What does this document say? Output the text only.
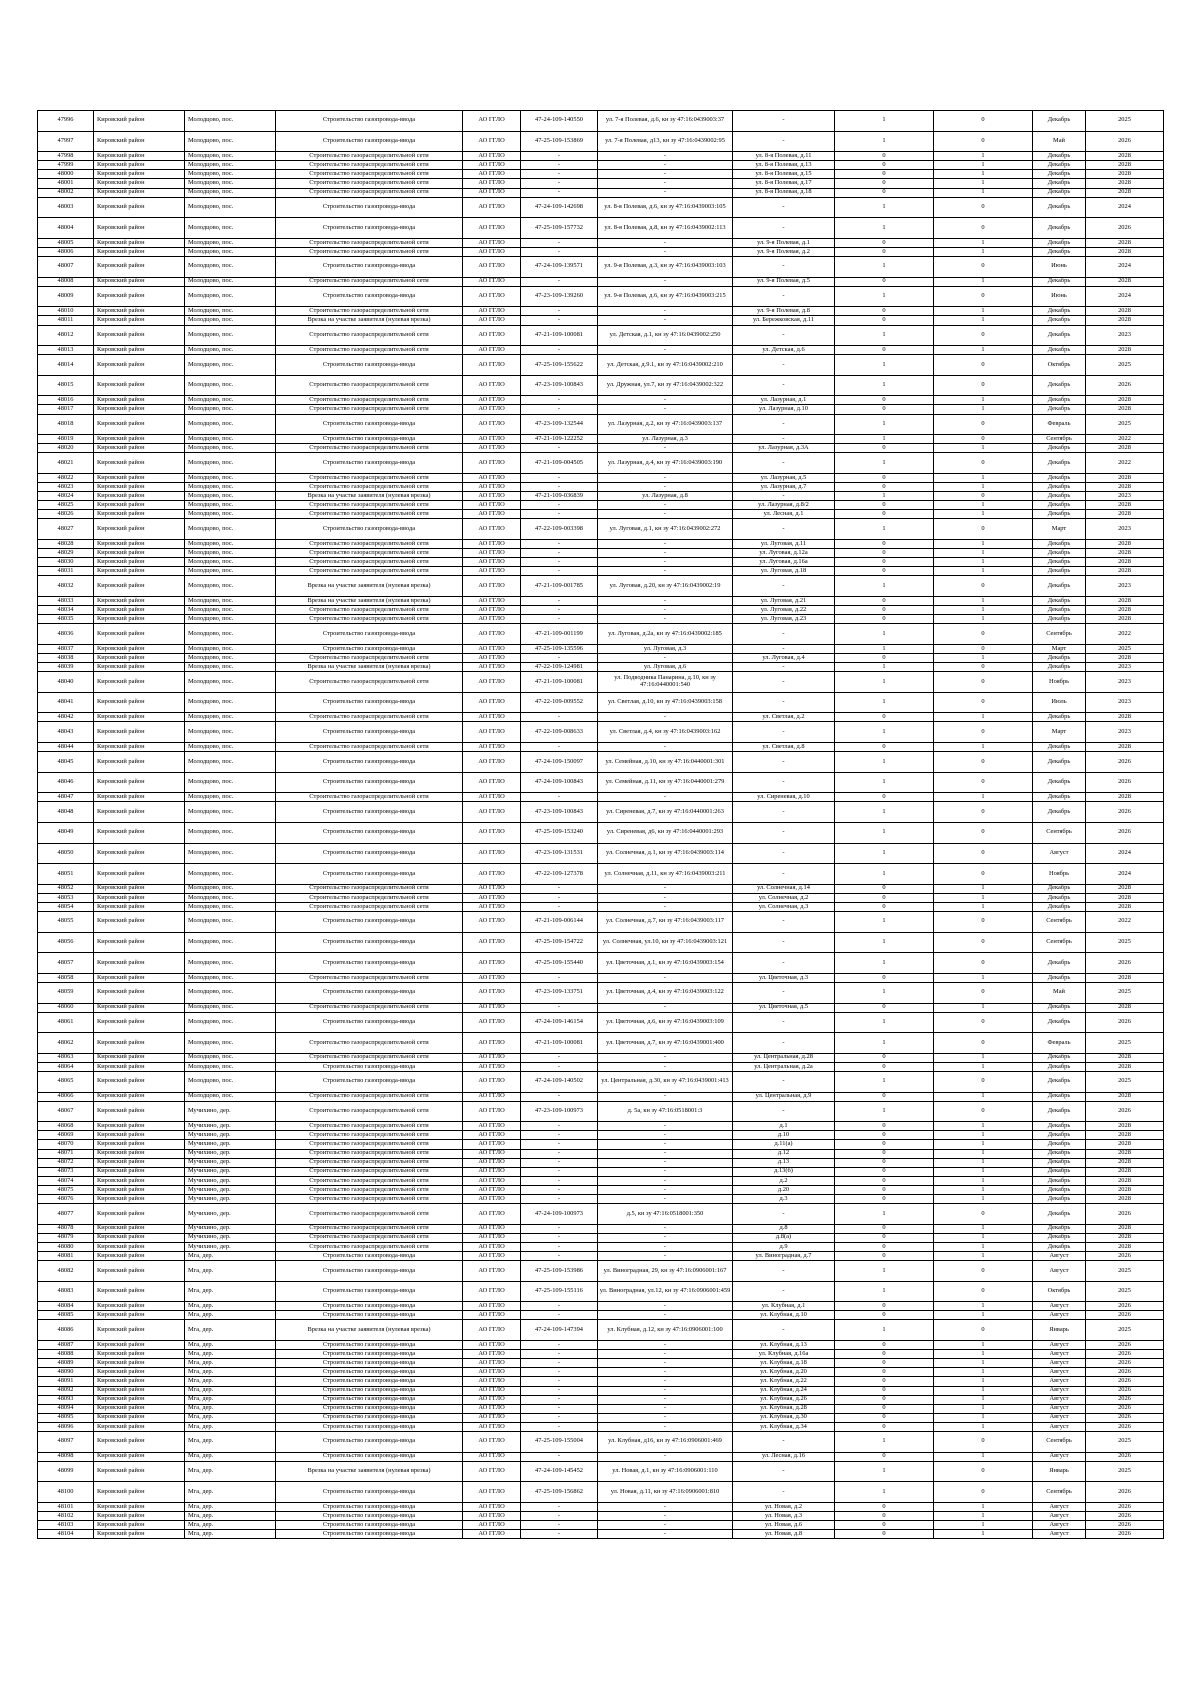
47996	Кировский район	Молодцово, пос.	Строительство газопровода-ввода	АО ГГЛО	47-24-109-140550	ул. 7-я Полевая, д.6, кн зу 47:16:0439003:37	-	1	0	Декабрь	2025
47997	Кировский район	Молодцово, пос.	Строительство газопровода-ввода	АО ГГЛО	47-25-109-153869	ул. 7-я Полевая, д13, кн зу 47:16:0439002:95	-	1	0	Май	2026
47998	Кировский район	Молодцово, пос.	Строительство газораспределительной сети	АО ГГЛО	-	-	ул. 8-я Полевая, д.11	0	1	Декабрь	2028
47999	Кировский район	Молодцово, пос.	Строительство газораспределительной сети	АО ГГЛО	-	-	ул. 8-я Полевая, д.13	0	1	Декабрь	2028
48000	Кировский район	Молодцово, пос.	Строительство газораспределительной сети	АО ГГЛО	-	-	ул. 8-я Полевая, д.15	0	1	Декабрь	2028
48001	Кировский район	Молодцово, пос.	Строительство газораспределительной сети	АО ГГЛО	-	-	ул. 8-я Полевая, д.17	0	1	Декабрь	2028
48002	Кировский район	Молодцово, пос.	Строительство газораспределительной сети	АО ГГЛО	-	-	ул. 8-я Полевая, д.18	0	1	Декабрь	2028
48003	Кировский район	Молодцово, пос.	Строительство газопровода-ввода	АО ГГЛО	47-24-109-142698	ул. 8-я Полевая, д.6, кн зу 47:16:0439003:105	-	1	0	Декабрь	2024
48004	Кировский район	Молодцово, пос.	Строительство газопровода-ввода	АО ГГЛО	47-25-109-157732	ул. 8-я Полевая, д.8, кн зу 47:16:0439002:113	-	1	0	Декабрь	2026
48005	Кировский район	Молодцово, пос.	Строительство газораспределительной сети	АО ГГЛО	-	-	ул. 9-я Полевая, д.1	0	1	Декабрь	2028
48006	Кировский район	Молодцово, пос.	Строительство газораспределительной сети	АО ГГЛО	-	-	ул. 9-я Полевая, д.2	0	1	Декабрь	2028
48007	Кировский район	Молодцово, пос.	Строительство газопровода-ввода	АО ГГЛО	47-24-109-139571	ул. 9-я Полевая, д.3, кн зу 47:16:0439003:103	-	1	0	Июнь	2024
48008	Кировский район	Молодцово, пос.	Строительство газораспределительной сети	АО ГГЛО	-	-	ул. 9-я Полевая, д.5	0	1	Декабрь	2028
48009	Кировский район	Молодцово, пос.	Строительство газопровода-ввода	АО ГГЛО	47-23-109-139260	ул. 9-я Полевая, д.6, кн зу 47:16:0439003:215	-	1	0	Июнь	2024
48010	Кировский район	Молодцово, пос.	Строительство газораспределительной сети	АО ГГЛО	-	-	ул. 9-я Полевая, д.8	0	1	Декабрь	2028
48011	Кировский район	Молодцово, пос.	Врезка на участке заявителя (нулевая врезка)	АО ГГЛО	-	-	ул. Бережковская, д.11	0	1	Декабрь	2028
48012	Кировский район	Молодцово, пос.	Строительство газораспределительной сети	АО ГГЛО	47-21-109-100081	ул. Детская, д.1, кн зу 47:16:0439002:250	-	1	0	Декабрь	2023
48013	Кировский район	Молодцово, пос.	Строительство газораспределительной сети	АО ГГЛО	-	-	ул. Детская, д.6	0	1	Декабрь	2028
48014	Кировский район	Молодцово, пос.	Строительство газопровода-ввода	АО ГГЛО	47-25-109-155622	ул. Детская, д.9.1, кн зу 47:16:0439002:210	-	1	0	Октябрь	2025
48015	Кировский район	Молодцово, пос.	Строительство газораспределительной сети	АО ГГЛО	47-23-109-100843	ул. Дружная, ул.7, кн зу 47:16:0439002:322	-	1	0	Декабрь	2026
48016	Кировский район	Молодцово, пос.	Строительство газораспределительной сети	АО ГГЛО	-	-	ул. Лазурная, д.1	0	1	Декабрь	2028
48017	Кировский район	Молодцово, пос.	Строительство газораспределительной сети	АО ГГЛО	-	-	ул. Лазурная, д.10	0	1	Декабрь	2028
48018	Кировский район	Молодцово, пос.	Строительство газопровода-ввода	АО ГГЛО	47-23-109-132544	ул. Лазурная, д.2, кн зу 47:16:0439003:137	-	1	0	Февраль	2025
48019	Кировский район	Молодцово, пос.	Строительство газопровода-ввода	АО ГГЛО	47-21-109-122252	ул. Лазурная, д.3	-	1	0	Сентябрь	2022
48020	Кировский район	Молодцово, пос.	Строительство газораспределительной сети	АО ГГЛО	-	-	ул. Лазурная, д.3А	0	1	Декабрь	2028
48021	Кировский район	Молодцово, пос.	Строительство газопровода-ввода	АО ГГЛО	47-21-109-004505	ул. Лазурная, д.4, кн зу 47:16:0439003:190	-	1	0	Декабрь	2022
48022	Кировский район	Молодцово, пос.	Строительство газораспределительной сети	АО ГГЛО	-	-	ул. Лазурная, д.5	0	1	Декабрь	2028
48023	Кировский район	Молодцово, пос.	Строительство газораспределительной сети	АО ГГЛО	-	-	ул. Лазурная, д.7	0	1	Декабрь	2028
48024	Кировский район	Молодцово, пос.	Врезка на участке заявителя (нулевая врезка)	АО ГГЛО	47-21-109-036839	ул. Лазурная, д.8	-	1	0	Декабрь	2023
48025	Кировский район	Молодцово, пос.	Строительство газораспределительной сети	АО ГГЛО	-	-	ул. Лазурная, д.8/2	0	1	Декабрь	2028
48026	Кировский район	Молодцово, пос.	Строительство газораспределительной сети	АО ГГЛО	-	-	ул. Лесная, д.1	0	1	Декабрь	2028
48027	Кировский район	Молодцово, пос.	Строительство газопровода-ввода	АО ГГЛО	47-22-109-003398	ул. Луговая, д.1, кн зу 47:16:0439002:272	-	1	0	Март	2023
48028	Кировский район	Молодцово, пос.	Строительство газораспределительной сети	АО ГГЛО	-	-	ул. Луговая, д.11	0	1	Декабрь	2028
48029	Кировский район	Молодцово, пос.	Строительство газораспределительной сети	АО ГГЛО	-	-	ул. Луговая, д.12а	0	1	Декабрь	2028
48030	Кировский район	Молодцово, пос.	Строительство газораспределительной сети	АО ГГЛО	-	-	ул. Луговая, д.16а	0	1	Декабрь	2028
48031	Кировский район	Молодцово, пос.	Строительство газораспределительной сети	АО ГГЛО	-	-	ул. Луговая, д.18	0	1	Декабрь	2028
48032	Кировский район	Молодцово, пос.	Врезка на участке заявителя (нулевая врезка)	АО ГГЛО	47-21-109-001785	ул. Луговая, д.20, кн зу 47:16:0439002:19	-	1	0	Декабрь	2023
48033	Кировский район	Молодцово, пос.	Врезка на участке заявителя (нулевая врезка)	АО ГГЛО	-	-	ул. Луговая, д.21	0	1	Декабрь	2028
48034	Кировский район	Молодцово, пос.	Строительство газораспределительной сети	АО ГГЛО	-	-	ул. Луговая, д.22	0	1	Декабрь	2028
48035	Кировский район	Молодцово, пос.	Строительство газораспределительной сети	АО ГГЛО	-	-	ул. Луговая, д.23	0	1	Декабрь	2028
48036	Кировский район	Молодцово, пос.	Строительство газопровода-ввода	АО ГГЛО	47-21-109-001199	ул. Луговая, д.2а, кн зу 47:16:0439002:185	-	1	0	Сентябрь	2022
48037	Кировский район	Молодцово, пос.	Строительство газопровода-ввода	АО ГГЛО	47-25-109-135596	ул. Луговая, д.3	-	1	0	Март	2025
48038	Кировский район	Молодцово, пос.	Строительство газораспределительной сети	АО ГГЛО	-	-	ул. Луговая, д.4	0	1	Декабрь	2028
48039	Кировский район	Молодцово, пос.	Врезка на участке заявителя (нулевая врезка)	АО ГГЛО	47-22-109-124981	ул. Луговая, д.6	-	1	0	Декабрь	2023
48040	Кировский район	Молодцово, пос.	Строительство газораспределительной сети	АО ГГЛО	47-21-109-100081	ул. Подводника Панарина, д.10, кн зу 47:16:0440001:540	-	1	0	Ноябрь	2023
48041	Кировский район	Молодцово, пос.	Строительство газопровода-ввода	АО ГГЛО	47-22-109-009552	ул. Светлая, д.10, кн зу 47:16:0439003:158	-	1	0	Июль	2023
48042	Кировский район	Молодцово, пос.	Строительство газораспределительной сети	АО ГГЛО	-	-	ул. Светлая, д.2	0	1	Декабрь	2028
48043	Кировский район	Молодцово, пос.	Строительство газопровода-ввода	АО ГГЛО	47-22-109-008633	ул. Светлая, д.4, кн зу 47:16:0439003:162	-	1	0	Март	2023
48044	Кировский район	Молодцово, пос.	Строительство газораспределительной сети	АО ГГЛО	-	-	ул. Светлая, д.8	0	1	Декабрь	2028
48045	Кировский район	Молодцово, пос.	Строительство газопровода-ввода	АО ГГЛО	47-24-109-150097	ул. Семейная, д.10, кн зу 47:16:0440001:301	-	1	0	Декабрь	2026
48046	Кировский район	Молодцово, пос.	Строительство газопровода-ввода	АО ГГЛО	47-24-109-100843	ул. Семейная, д.11, кн зу 47:16:0440001:279	-	1	0	Декабрь	2026
48047	Кировский район	Молодцово, пос.	Строительство газораспределительной сети	АО ГГЛО	-	-	ул. Сиреневая, д.10	0	1	Декабрь	2028
48048	Кировский район	Молодцово, пос.	Строительство газопровода-ввода	АО ГГЛО	47-23-109-100843	ул. Сиреневая, д.7, кн зу 47:16:0440001:263	-	1	0	Декабрь	2026
48049	Кировский район	Молодцово, пос.	Строительство газопровода-ввода	АО ГГЛО	47-25-109-153240	ул. Сиреневая, д6, кн зу 47:16:0440001:293	-	1	0	Сентябрь	2026
48050	Кировский район	Молодцово, пос.	Строительство газопровода-ввода	АО ГГЛО	47-23-109-131531	ул. Солнечная, д.1, кн зу 47:16:0439003:114	-	1	0	Август	2024
48051	Кировский район	Молодцово, пос.	Строительство газопровода-ввода	АО ГГЛО	47-22-109-127378	ул. Солнечная, д.11, кн зу 47:16:0439003:211	-	1	0	Ноябрь	2024
48052	Кировский район	Молодцово, пос.	Строительство газораспределительной сети	АО ГГЛО	-	-	ул. Солнечная, д.14	0	1	Декабрь	2028
48053	Кировский район	Молодцово, пос.	Строительство газораспределительной сети	АО ГГЛО	-	-	ул. Солнечная, д.2	0	1	Декабрь	2028
48054	Кировский район	Молодцово, пос.	Строительство газораспределительной сети	АО ГГЛО	-	-	ул. Солнечная, д.3	0	1	Декабрь	2028
48055	Кировский район	Молодцово, пос.	Строительство газопровода-ввода	АО ГГЛО	47-21-109-006144	ул. Солнечная, д.7, кн зу 47:16:0439003:117	-	1	0	Сентябрь	2022
48056	Кировский район	Молодцово, пос.	Строительство газопровода-ввода	АО ГГЛО	47-25-109-154722	ул. Солнечная, ул.10, кн зу 47:16:0439003:121	-	1	0	Сентябрь	2025
48057	Кировский район	Молодцово, пос.	Строительство газопровода-ввода	АО ГГЛО	47-25-109-155440	ул. Цветочная, д.1, кн зу 47:16:0439003:154	-	1	0	Декабрь	2026
48058	Кировский район	Молодцово, пос.	Строительство газораспределительной сети	АО ГГЛО	-	-	ул. Цветочная, д.3	0	1	Декабрь	2028
48059	Кировский район	Молодцово, пос.	Строительство газопровода-ввода	АО ГГЛО	47-23-109-133751	ул. Цветочная, д.4, кн зу 47:16:0439003:122	-	1	0	Май	2025
48060	Кировский район	Молодцово, пос.	Строительство газораспределительной сети	АО ГГЛО	-	-	ул. Цветочная, д.5	0	1	Декабрь	2028
48061	Кировский район	Молодцово, пос.	Строительство газопровода-ввода	АО ГГЛО	47-24-109-146154	ул. Цветочная, д.6, кн зу 47:16:0439003:109	-	1	0	Декабрь	2026
48062	Кировский район	Молодцово, пос.	Строительство газораспределительной сети	АО ГГЛО	47-21-109-100081	ул. Цветочная, д.7, кн зу 47:16:0439001:400	-	1	0	Февраль	2025
48063	Кировский район	Молодцово, пос.	Строительство газораспределительной сети	АО ГГЛО	-	-	ул. Центральная, д.28	0	1	Декабрь	2028
48064	Кировский район	Молодцово, пос.	Строительство газопровода-ввода	АО ГГЛО	-	-	ул. Центральная, д.2а	0	1	Декабрь	2028
48065	Кировский район	Молодцово, пос.	Строительство газопровода-ввода	АО ГГЛО	47-24-109-140502	ул. Центральная, д.30, кн зу 47:16:0439001:413	-	1	0	Декабрь	2025
48066	Кировский район	Молодцово, пос.	Строительство газораспределительной сети	АО ГГЛО	-	-	ул. Центральная, д.9	0	1	Декабрь	2028
48067	Кировский район	Мучихино, дер.	Строительство газораспределительной сети	АО ГГЛО	47-23-109-100973	д. 5а, кн зу 47:16:0518001:3	-	1	0	Декабрь	2026
48068	Кировский район	Мучихино, дер.	Строительство газораспределительной сети	АО ГГЛО	-	-	д.1	0	1	Декабрь	2028
48069	Кировский район	Мучихино, дер.	Строительство газораспределительной сети	АО ГГЛО	-	-	д.10	0	1	Декабрь	2028
48070	Кировский район	Мучихино, дер.	Строительство газораспределительной сети	АО ГГЛО	-	-	д.11(а)	0	1	Декабрь	2028
48071	Кировский район	Мучихино, дер.	Строительство газораспределительной сети	АО ГГЛО	-	-	д.12	0	1	Декабрь	2028
48072	Кировский район	Мучихино, дер.	Строительство газораспределительной сети	АО ГГЛО	-	-	д.13	0	1	Декабрь	2028
48073	Кировский район	Мучихино, дер.	Строительство газораспределительной сети	АО ГГЛО	-	-	д.13(б)	0	1	Декабрь	2028
48074	Кировский район	Мучихино, дер.	Строительство газораспределительной сети	АО ГГЛО	-	-	д.2	0	1	Декабрь	2028
48075	Кировский район	Мучихино, дер.	Строительство газораспределительной сети	АО ГГЛО	-	-	д.20	0	1	Декабрь	2028
48076	Кировский район	Мучихино, дер.	Строительство газораспределительной сети	АО ГГЛО	-	-	д.3	0	1	Декабрь	2028
48077	Кировский район	Мучихино, дер.	Строительство газораспределительной сети	АО ГГЛО	47-24-109-100973	д.5, кн зу 47:16:0518001:350	-	1	0	Декабрь	2026
48078	Кировский район	Мучихино, дер.	Строительство газораспределительной сети	АО ГГЛО	-	-	д.8	0	1	Декабрь	2028
48079	Кировский район	Мучихино, дер.	Строительство газораспределительной сети	АО ГГЛО	-	-	д.8(а)	0	1	Декабрь	2028
48080	Кировский район	Мучихино, дер.	Строительство газораспределительной сети	АО ГГЛО	-	-	д.9	0	1	Декабрь	2028
48081	Кировский район	Мга, дер.	Строительство газопровода-ввода	АО ГГЛО	-	-	ул. Виноградная, д.7	0	1	Август	2026
48082	Кировский район	Мга, дер.	Строительство газопровода-ввода	АО ГГЛО	47-25-109-153986	ул. Виноградная, 29, кн зу 47:16:0906001:167	-	1	0	Август	2025
48083	Кировский район	Мга, дер.	Строительство газопровода-ввода	АО ГГЛО	47-25-109-155116	ул. Виноградная, ул.12, кн зу 47:16:0906001:459	-	1	0	Октябрь	2025
48084	Кировский район	Мга, дер.	Строительство газопровода-ввода	АО ГГЛО	-	-	ул. Клубная, д.1	0	1	Август	2026
48085	Кировский район	Мга, дер.	Строительство газопровода-ввода	АО ГГЛО	-	-	ул. Клубная, д.10	0	1	Август	2026
48086	Кировский район	Мга, дер.	Врезка на участке заявителя (нулевая врезка)	АО ГГЛО	47-24-109-147394	ул. Клубная, д.12, кн зу 47:16:0906001:100	-	1	0	Январь	2025
48087	Кировский район	Мга, дер.	Строительство газопровода-ввода	АО ГГЛО	-	-	ул. Клубная, д.13	0	1	Август	2026
48088	Кировский район	Мга, дер.	Строительство газопровода-ввода	АО ГГЛО	-	-	ул. Клубная, д.16а	0	1	Август	2026
48089	Кировский район	Мга, дер.	Строительство газопровода-ввода	АО ГГЛО	-	-	ул. Клубная, д.18	0	1	Август	2026
48090	Кировский район	Мга, дер.	Строительство газопровода-ввода	АО ГГЛО	-	-	ул. Клубная, д.20	0	1	Август	2026
48091	Кировский район	Мга, дер.	Строительство газопровода-ввода	АО ГГЛО	-	-	ул. Клубная, д.22	0	1	Август	2026
48092	Кировский район	Мга, дер.	Строительство газопровода-ввода	АО ГГЛО	-	-	ул. Клубная, д.24	0	1	Август	2026
48093	Кировский район	Мга, дер.	Строительство газопровода-ввода	АО ГГЛО	-	-	ул. Клубная, д.26	0	1	Август	2026
48094	Кировский район	Мга, дер.	Строительство газопровода-ввода	АО ГГЛО	-	-	ул. Клубная, д.28	0	1	Август	2026
48095	Кировский район	Мга, дер.	Строительство газопровода-ввода	АО ГГЛО	-	-	ул. Клубная, д.30	0	1	Август	2026
48096	Кировский район	Мга, дер.	Строительство газопровода-ввода	АО ГГЛО	-	-	ул. Клубная, д.34	0	1	Август	2026
48097	Кировский район	Мга, дер.	Строительство газопровода-ввода	АО ГГЛО	47-25-109-155004	ул. Клубная, д16, кн зу 47:16:0906001:469	-	1	0	Сентябрь	2025
48098	Кировский район	Мга, дер.	Строительство газопровода-ввода	АО ГГЛО	-	-	ул. Лесная, д.16	0	1	Август	2026
48099	Кировский район	Мга, дер.	Врезка на участке заявителя (нулевая врезка)	АО ГГЛО	47-24-109-145452	ул. Новая, д.1, кн зу 47:16:0906001:110	-	1	0	Январь	2025
48100	Кировский район	Мга, дер.	Строительство газопровода-ввода	АО ГГЛО	47-25-109-156862	ул. Новая, д.11, кн зу 47:16:0906001:810	-	1	0	Сентябрь	2026
48101	Кировский район	Мга, дер.	Строительство газопровода-ввода	АО ГГЛО	-	-	ул. Новая, д.2	0	1	Август	2026
48102	Кировский район	Мга, дер.	Строительство газопровода-ввода	АО ГГЛО	-	-	ул. Новая, д.3	0	1	Август	2026
48103	Кировский район	Мга, дер.	Строительство газопровода-ввода	АО ГГЛО	-	-	ул. Новая, д.6	0	1	Август	2026
48104	Кировский район	Мга, дер.	Строительство газопровода-ввода	АО ГГЛО	-	-	ул. Новая, д.8	0	1	Август	2026
